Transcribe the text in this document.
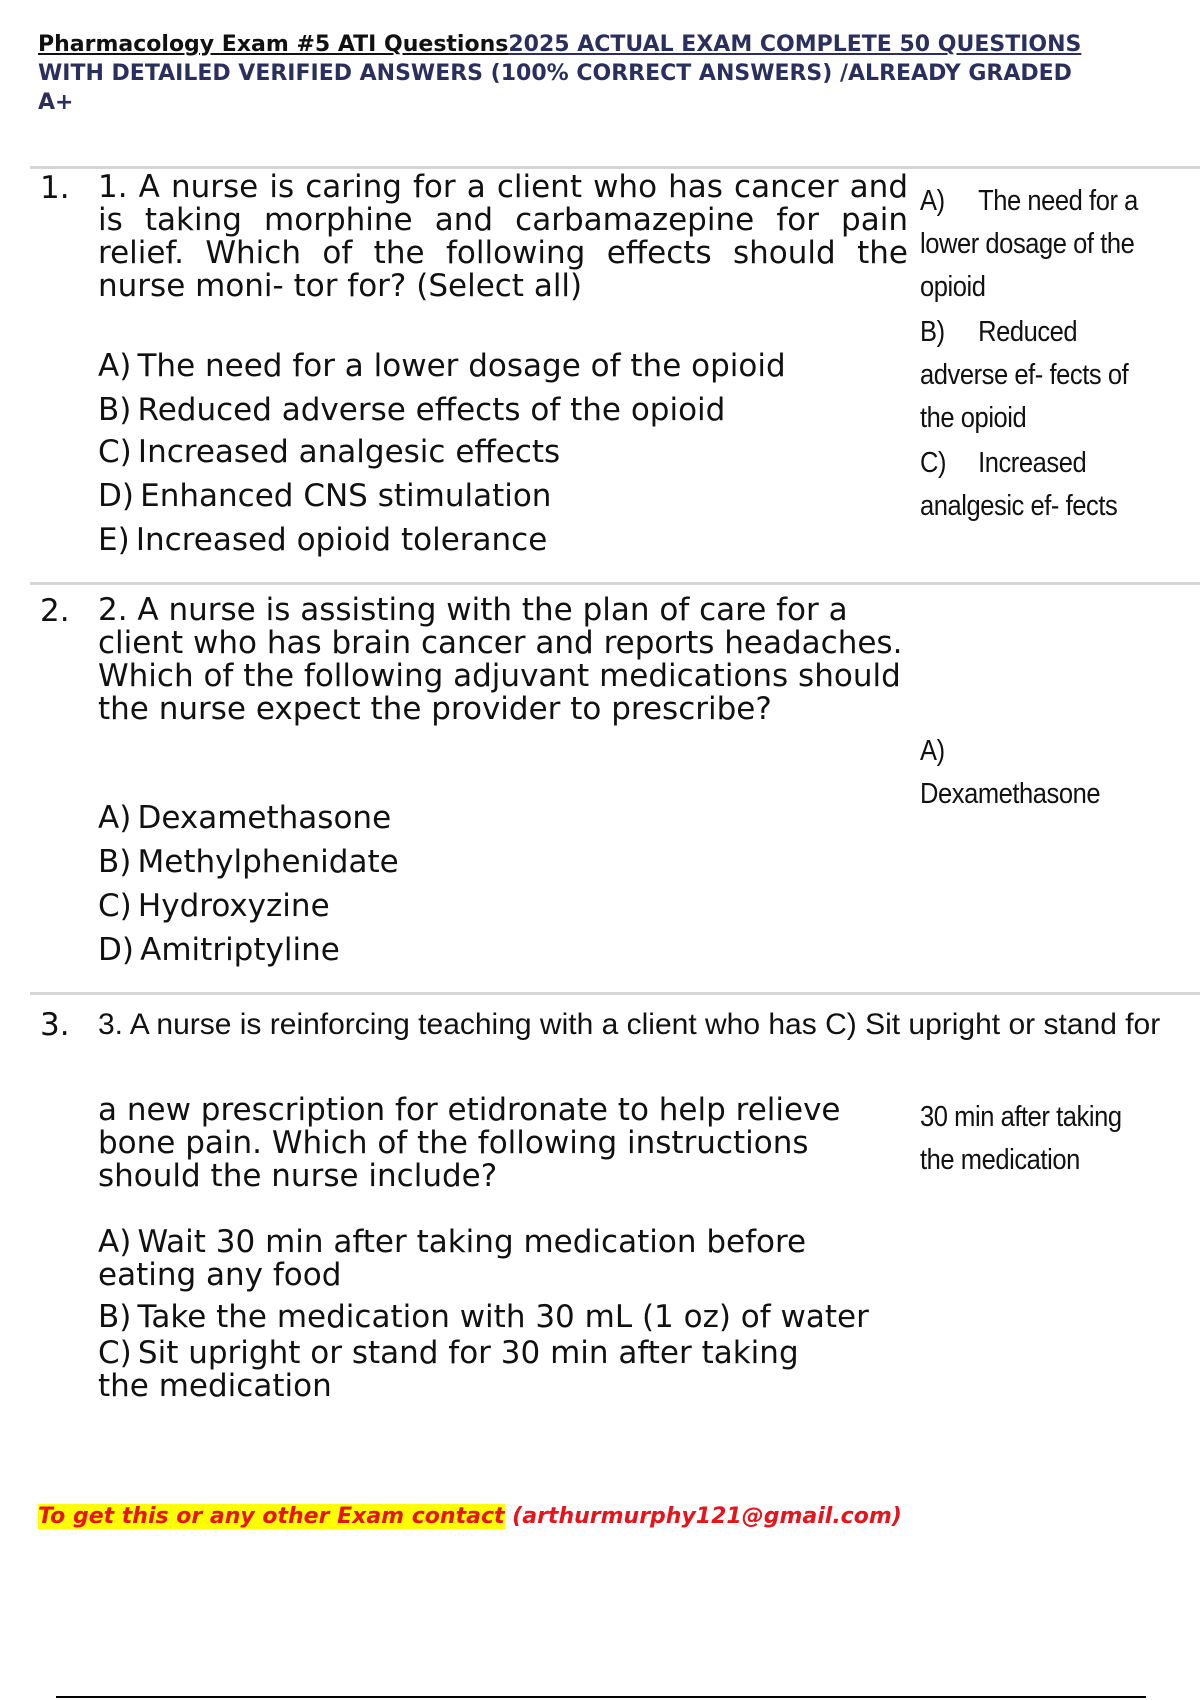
Pharmacology Exam #5 ATI Questions2025 ACTUAL EXAM COMPLETE 50 QUESTIONS
WITH DETAILED VERIFIED ANSWERS (100% CORRECT ANSWERS) /ALREADY GRADED
A+
1. 1. A nurse is caring for a client who has cancer and is taking morphine and carbamazepine for pain relief. Which of the following effects should the nurse moni- tor for? (Select all)
A) The need for a lower dosage of the opioid
B) Reduced adverse effects of the opioid
C) Increased analgesic effects
D) Enhanced CNS stimulation
E) Increased opioid tolerance
A) The need for a lower dosage of the opioid
B) Reduced adverse ef- fects of the opioid
C) Increased analgesic ef- fects
2. 2. A nurse is assisting with the plan of care for a client who has brain cancer and reports headaches. Which of the following adjuvant medications should the nurse expect the provider to prescribe?
A) Dexamethasone
B) Methylphenidate
C) Hydroxyzine
D) Amitriptyline
A)Dexamethasone
3. 3. A nurse is reinforcing teaching with a client who has C) Sit upright or stand for
a new prescription for etidronate to help relieve bone pain. Which of the following instructions should the nurse include?
A) Wait 30 min after taking medication before eating any food
B) Take the medication with 30 mL (1 oz) of water
C) Sit upright or stand for 30 min after taking the medication
30 min after taking the medication
To get this or any other Exam contact (arthurmurphy121@gmail.com)
